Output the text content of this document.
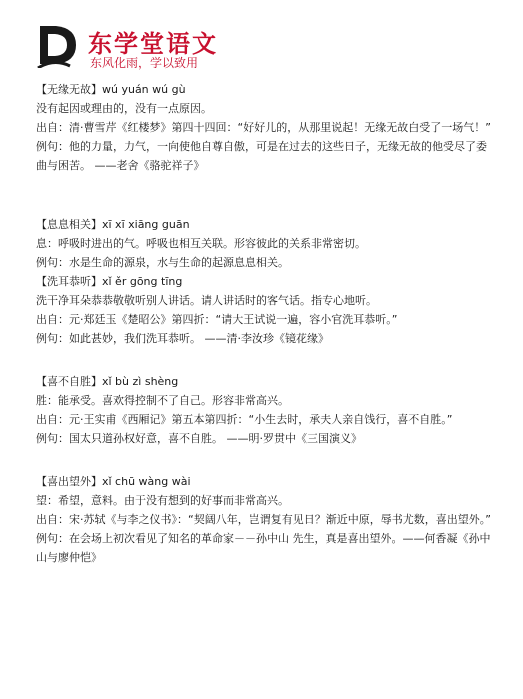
东学堂语文
东风化雨，学以致用

【无缘无故】wú yuán wú gù

没有起因或理由的，没有一点原因。

出自：清·曹雪芹《红楼梦》第四十四回：“好好儿的，从那里说起！无缘无故白受了一场气！”

例句：他的力量，力气，一向使他自尊自傲，可是在过去的这些日子，无缘无故的他受尽了委曲与困苦。 ——老舍《骆驼祥子》

【息息相关】xī xī xiāng guān

息：呼吸时进出的气。呼吸也相互关联。形容彼此的关系非常密切。

例句：水是生命的源泉，水与生命的起源息息相关。

【洗耳恭听】xǐ ěr gōng tīng

洗干净耳朵恭恭敬敬听别人讲话。请人讲话时的客气话。指专心地听。

出自：元·郑廷玉《楚昭公》第四折：“请大王试说一遍，容小官洗耳恭听。”

例句：如此甚妙，我们洗耳恭听。 ——清·李汝珍《镜花缘》

【喜不自胜】xǐ bù zì shèng

胜：能承受。喜欢得控制不了自己。形容非常高兴。

出自：元·王实甫《西厢记》第五本第四折：“小生去时，承夫人亲自饯行，喜不自胜。”

例句：国太只道孙权好意，喜不自胜。 ——明·罗贯中《三国演义》

【喜出望外】xǐ chū wàng wài

望：希望，意料。由于没有想到的好事而非常高兴。

出自：宋·苏轼《与李之仪书》：“契阔八年，岂谓复有见日？渐近中原，辱书尤数，喜出望外。”

例句：在会场上初次看见了知名的革命家－－孙中山 先生，真是喜出望外。——何香凝《孙中山与廖仲恺》
